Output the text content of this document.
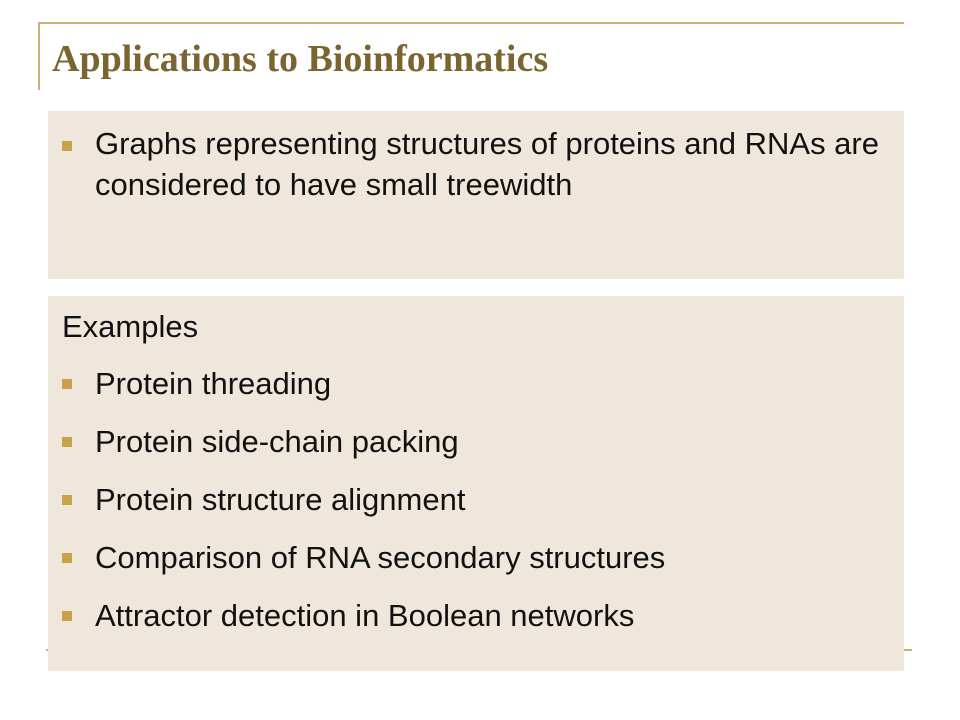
Applications to Bioinformatics
Graphs representing structures of proteins and RNAs are considered to have small treewidth
Examples
Protein threading
Protein side-chain packing
Protein structure alignment
Comparison of RNA secondary structures
Attractor detection in Boolean networks
